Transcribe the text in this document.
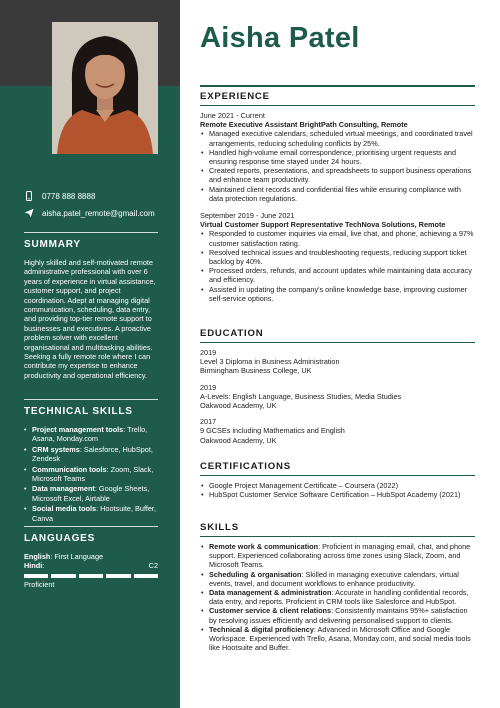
0778 888 8888
aisha.patel_remote@gmail.com
SUMMARY
Highly skilled and self-motivated remote administrative professional with over 6 years of experience in virtual assistance, customer support, and project coordination. Adept at managing digital communication, scheduling, data entry, and providing top-tier remote support to businesses and executives. A proactive problem solver with excellent organisational and multitasking abilities. Seeking a fully remote role where I can contribute my expertise to enhance productivity and operational efficiency.
TECHNICAL SKILLS
• Project management tools: Trello, Asana, Monday.com
• CRM systems: Salesforce, HubSpot, Zendesk
• Communication tools: Zoom, Slack, Microsoft Teams
• Data management: Google Sheets, Microsoft Excel, Airtable
• Social media tools: Hootsuite, Buffer, Canva
LANGUAGES
English: First Language
Hindi:	C2
Proficient
Aisha Patel
EXPERIENCE
June 2021 - Current
Remote Executive Assistant BrightPath Consulting, Remote
• Managed executive calendars, scheduled virtual meetings, and coordinated travel arrangements, reducing scheduling conflicts by 25%.
• Handled high-volume email correspondence, prioritising urgent requests and ensuring response time stayed under 24 hours.
• Created reports, presentations, and spreadsheets to support business operations and enhance team productivity.
• Maintained client records and confidential files while ensuring compliance with data protection regulations.
September 2019 - June 2021
Virtual Customer Support Representative TechNova Solutions, Remote
• Responded to customer inquiries via email, live chat, and phone, achieving a 97% customer satisfaction rating.
• Resolved technical issues and troubleshooting requests, reducing support ticket backlog by 40%.
• Processed orders, refunds, and account updates while maintaining data accuracy and efficiency.
• Assisted in updating the company's online knowledge base, improving customer self-service options.
EDUCATION
2019
Level 3 Diploma in Business Administration
Birmingham Business College, UK
2019
A-Levels: English Language, Business Studies, Media Studies
Oakwood Academy, UK
2017
9 GCSEs including Mathematics and English
Oakwood Academy, UK
CERTIFICATIONS
• Google Project Management Certificate – Coursera (2022)
• HubSpot Customer Service Software Certification – HubSpot Academy (2021)
SKILLS
• Remote work & communication: Proficient in managing email, chat, and phone support. Experienced collaborating across time zones using Slack, Zoom, and Microsoft Teams.
• Scheduling & organisation: Skilled in managing executive calendars, virtual events, travel, and document workflows to enhance productivity.
• Data management & administration: Accurate in handling confidential records, data entry, and reports. Proficient in CRM tools like Salesforce and HubSpot.
• Customer service & client relations: Consistently maintains 95%+ satisfaction by resolving issues efficiently and delivering personalised support to clients.
• Technical & digital proficiency: Advanced in Microsoft Office and Google Workspace. Experienced with Trello, Asana, Monday.com, and social media tools like Hootsuite and Buffer.
